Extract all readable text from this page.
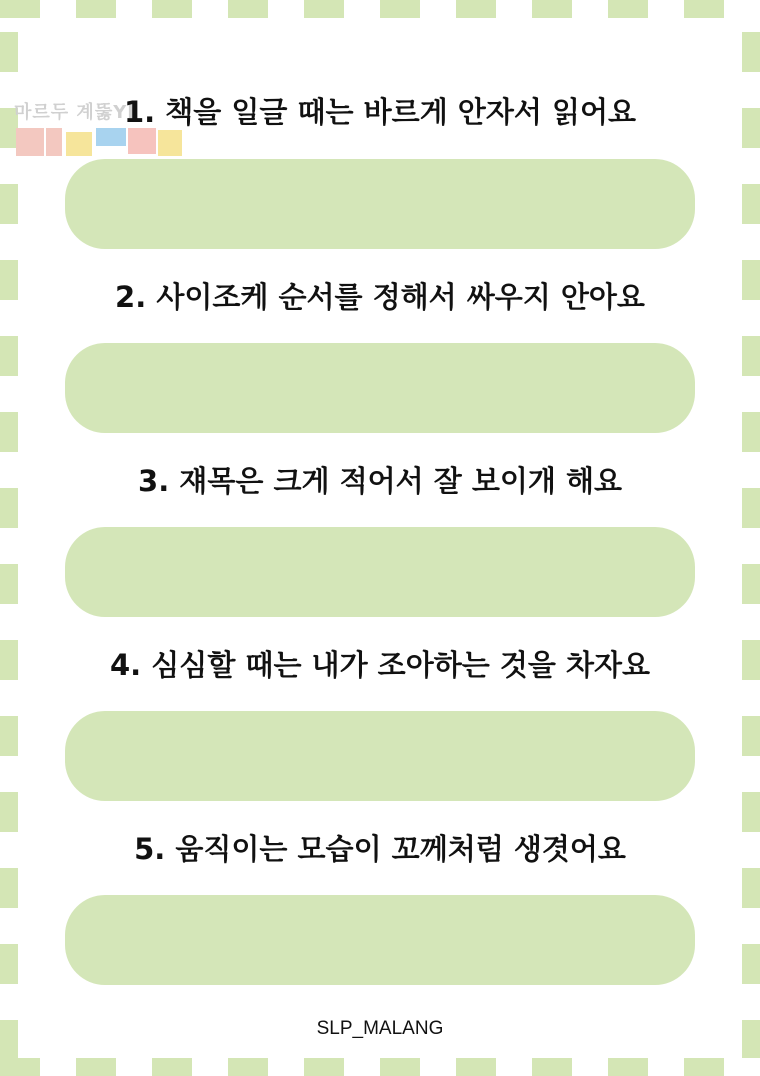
마르두 계뚫YI
1. 책을 일글 때는 바르게 안자서 읽어요
2. 사이조케 순서를 정해서 싸우지 안아요
3. 쟤목은 크게 적어서 잘 보이개 해요
4. 심심할 때는 내가 조아하는 것을 차자요
5. 움직이는 모습이 꼬께처럼 생겻어요
SLP_MALANG
